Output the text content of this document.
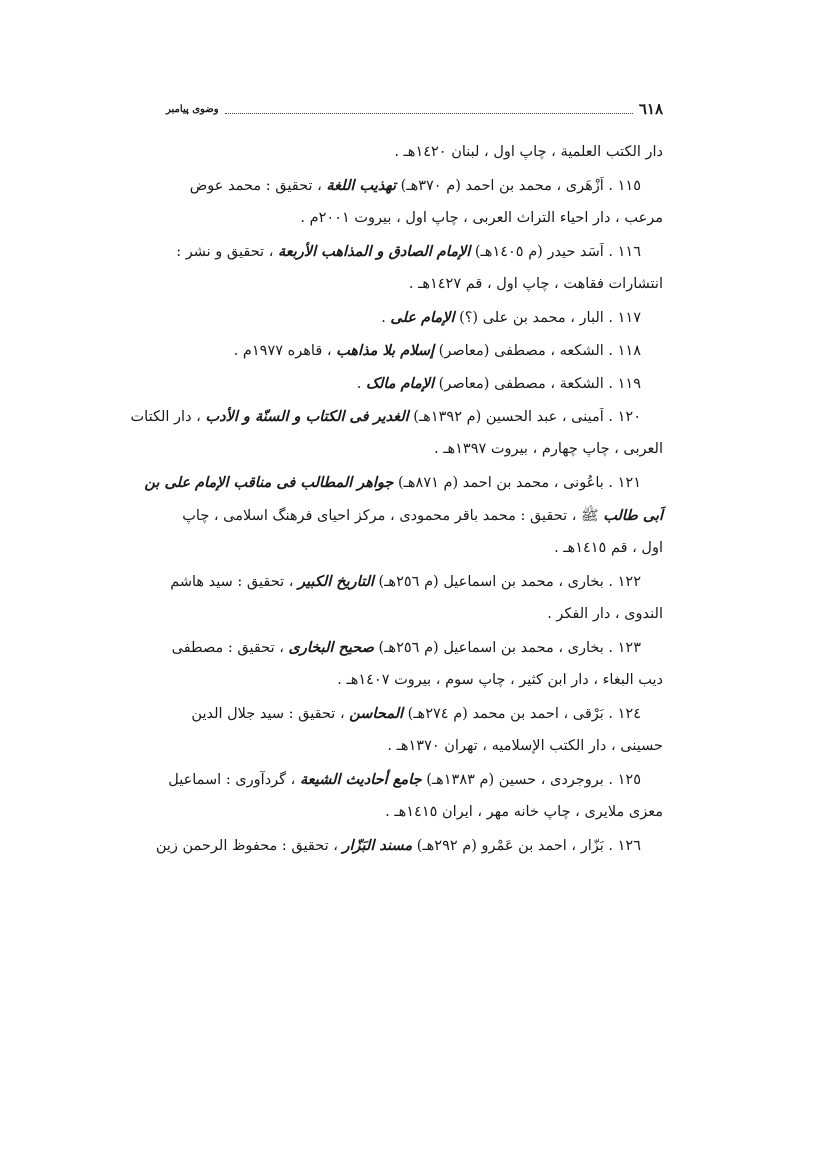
٦١٨
وضوی پیامبر
دار الكتب العلمية ، چاپ اول ، لبنان ١٤٢٠هـ .
١١٥ . اَزْهَری ، محمد بن احمد (م ٣٧٠هـ) تهذيب اللغة ، تحقيق : محمد عوض
مرعب ، دار احياء التراث العربی ، چاپ اول ، بيروت ٢٠٠١م .
١١٦ . اَسَد حيدر (م ١٤٠٥هـ) الإمام الصادق و المذاهب الأربعة ، تحقيق و نشر :
انتشارات فقاهت ، چاپ اول ، قم ١٤٢٧هـ .
١١٧ . البار ، محمد بن علی (؟) الإمام علی .
١١٨ . الشكعه ، مصطفی (معاصر) إسلام بلا مذاهب ، قاهره ١٩٧٧م .
١١٩ . الشكعة ، مصطفی (معاصر) الإمام مالک .
١٢٠ . اَمينی ، عبد الحسين (م ١٣٩٢هـ) الغدير فی الكتاب و السنّة و الأدب ، دار الكتات
العربی ، چاپ چهارم ، بيروت ١٣٩٧هـ .
١٢١ . باعُونی ، محمد بن احمد (م ٨٧١هـ) جواهر المطالب فی مناقب الإمام علی بن
اَبی طالب ﷺ ، تحقيق : محمد باقر محمودی ، مركز احيای فرهنگ اسلامی ، چاپ
اول ، قم ١٤١٥هـ .
١٢٢ . بخاری ، محمد بن اسماعيل (م ٢٥٦هـ) التاريخ الكبير ، تحقيق : سيد هاشم
الندوی ، دار الفكر .
١٢٣ . بخاری ، محمد بن اسماعيل (م ٢٥٦هـ) صحيح البخاری ، تحقيق : مصطفی
ديب البغاء ، دار ابن كثير ، چاپ سوم ، بيروت ١٤٠٧هـ .
١٢٤ . بَرْقی ، احمد بن محمد (م ٢٧٤هـ) المحاسن ، تحقيق : سيد جلال الدين
حسينی ، دار الكتب الإسلاميه ، تهران ١٣٧٠هـ .
١٢٥ . بروجردی ، حسين (م ١٣٨٣هـ) جامع أحاديث الشيعة ، گردآوری : اسماعيل
معزی ملايری ، چاپ خانه مهر ، ايران ١٤١٥هـ .
١٢٦ . بَزّار ، احمد بن عَمْرو (م ٢٩٢هـ) مسند البَزّار ، تحقيق : محفوظ الرحمن زين
